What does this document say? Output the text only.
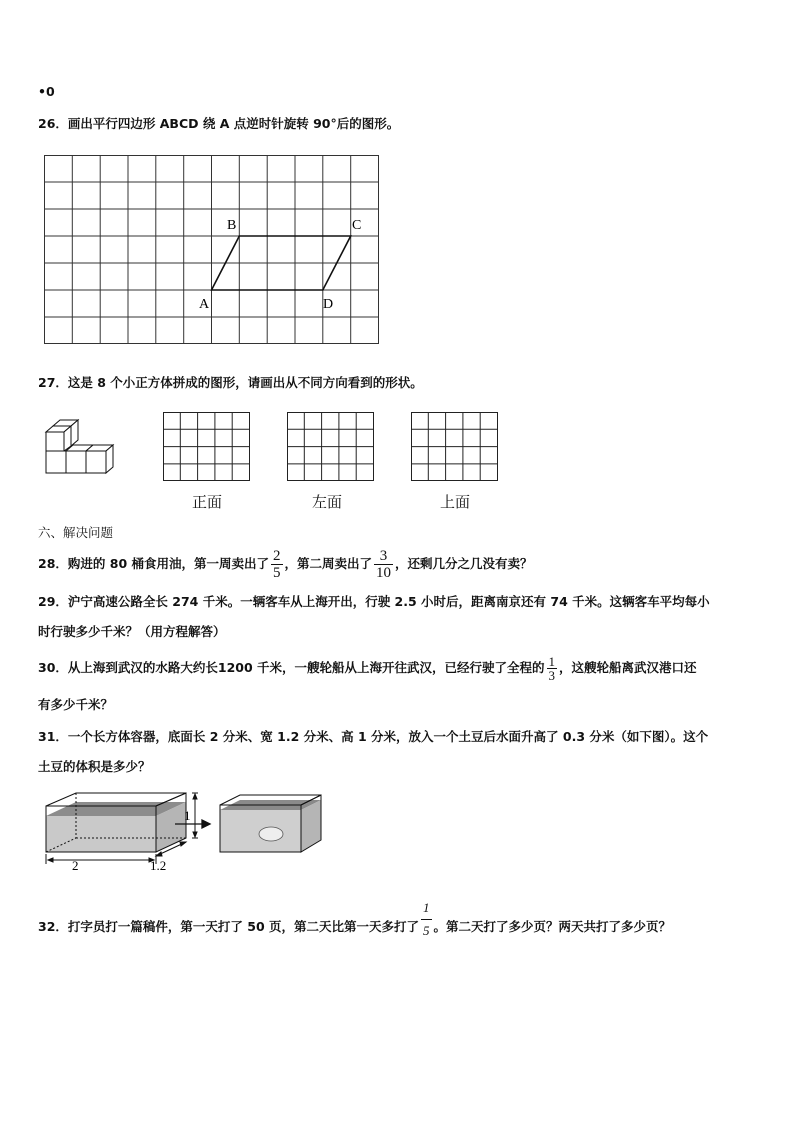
•0
26．画出平行四边形 ABCD 绕 A 点逆时针旋转 90°后的图形。
A
B	C
D
27．这是 8 个小正方体拼成的图形，请画出从不同方向看到的形状。
正面	左面	上面
六、解决问题
28．购进的 80 桶食用油，第一周卖出了 $\frac{2}{5}$ ，第二周卖出了 $\frac{3}{10}$ ，还剩几分之几没有卖？
29．沪宁高速公路全长 274 千米。一辆客车从上海开出，行驶 2.5 小时后，距离南京还有 74 千米。这辆客车平均每小
时行驶多少千米？（用方程解答）
30．从上海到武汉的水路大约长1200 千米，一艘轮船从上海开往武汉，已经行驶了全程的 $\frac{1}{3}$ ，这艘轮船离武汉港口还
有多少千米？
31．一个长方体容器，底面长 2 分米、宽 1.2 分米、高 1 分米，放入一个土豆后水面升高了 0.3 分米（如下图）。这个
土豆的体积是多少？
1
2	1.2
32．打字员打一篇稿件，第一天打了 50 页，第二天比第一天多打了 $\frac{1}{5}$ 。第二天打了多少页？两天共打了多少页？
